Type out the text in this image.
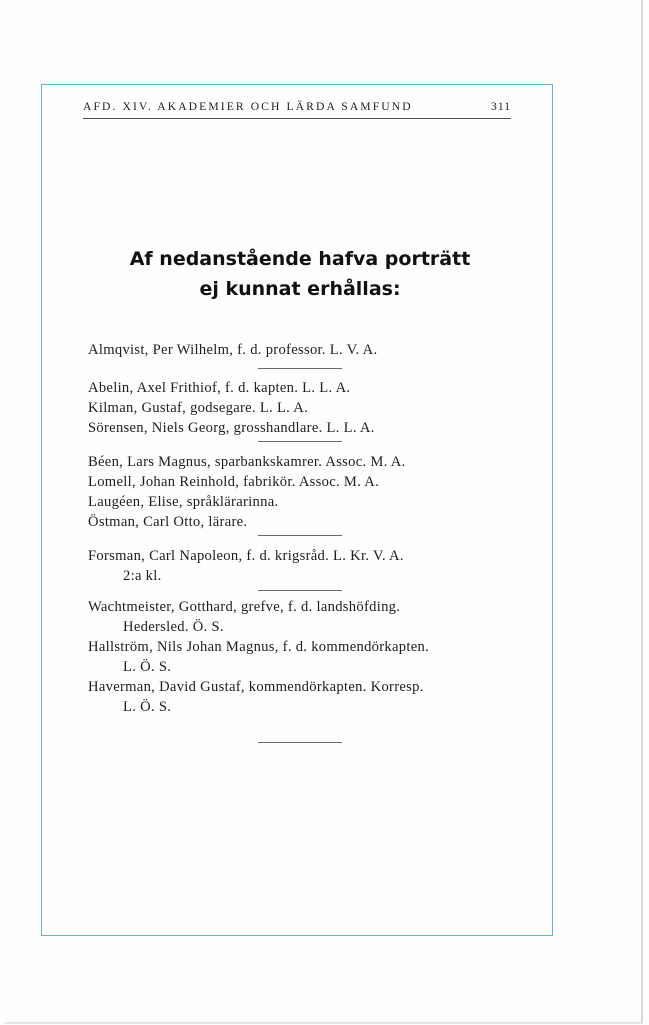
AFD. XIV. AKADEMIER OCH LÄRDA SAMFUND	311
Af nedanstående hafva porträtt
ej kunnat erhållas:

Almqvist, Per Wilhelm, f. d. professor. L. V. A.

Abelin, Axel Frithiof, f. d. kapten. L. L. A.

Kilman, Gustaf, godsegare. L. L. A.

Sörensen, Niels Georg, grosshandlare. L. L. A.

Béen, Lars Magnus, sparbankskamrer. Assoc. M. A.

Lomell, Johan Reinhold, fabrikör. Assoc. M. A.

Laugéen, Elise, språklärarinna.

Östman, Carl Otto, lärare.

Forsman, Carl Napoleon, f. d. krigsråd. L. Kr. V. A.
2:a kl.

Wachtmeister, Gotthard, grefve, f. d. landshöfding.
Hedersled. Ö. S.

Hallström, Nils Johan Magnus, f. d. kommendörkapten.
L. Ö. S.

Haverman, David Gustaf, kommendörkapten. Korresp.
L. Ö. S.
